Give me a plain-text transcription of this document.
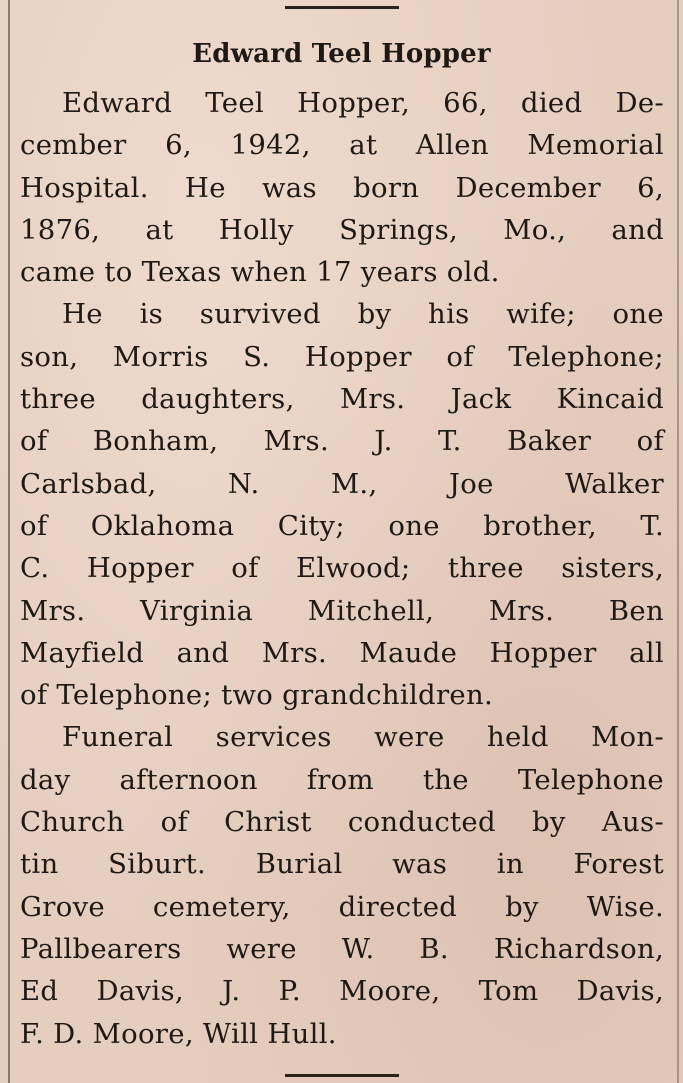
Edward Teel Hopper
Edward Teel Hopper, 66, died De-
cember 6, 1942, at Allen Memorial
Hospital. He was born December 6,
1876, at Holly Springs, Mo., and
came to Texas when 17 years old.
He is survived by his wife; one
son, Morris S. Hopper of Telephone;
three daughters, Mrs. Jack Kincaid
of Bonham, Mrs. J. T. Baker of
Carlsbad, N. M., Joe Walker
of Oklahoma City; one brother, T.
C. Hopper of Elwood; three sisters,
Mrs. Virginia Mitchell, Mrs. Ben
Mayfield and Mrs. Maude Hopper all
of Telephone; two grandchildren.
Funeral services were held Mon-
day afternoon from the Telephone
Church of Christ conducted by Aus-
tin Siburt. Burial was in Forest
Grove cemetery, directed by Wise.
Pallbearers were W. B. Richardson,
Ed Davis, J. P. Moore, Tom Davis,
F. D. Moore, Will Hull.
